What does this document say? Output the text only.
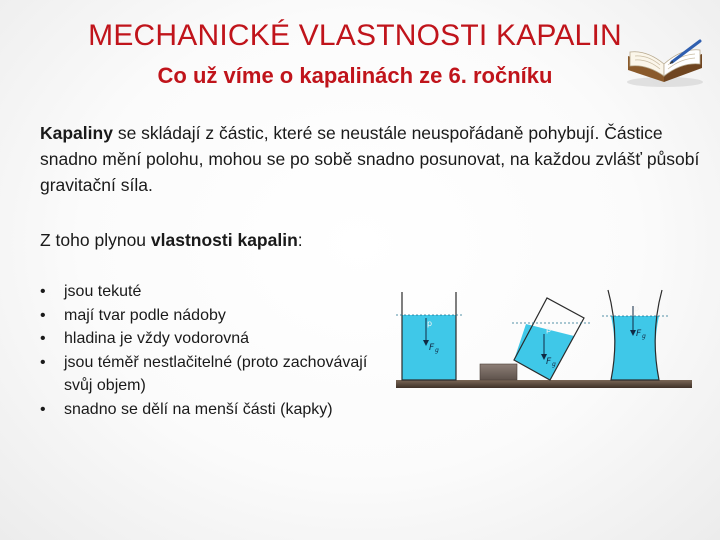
MECHANICKÉ VLASTNOSTI KAPALIN
Co už víme o kapalinách ze 6. ročníku
Kapaliny se skládají z částic, které se neustále neuspořádaně pohybují. Částice snadno mění polohu, mohou se po sobě snadno posunovat, na každou zvlášť působí gravitační síla.
Z toho plynou vlastnosti kapalin:
• jsou tekuté
• mají tvar podle nádoby
• hladina je vždy vodorovná
• jsou téměř nestlačitelné (proto zachovávají svůj objem)
• snadno se dělí na menší části (kapky)
p
F g
p
F g
p
F g
